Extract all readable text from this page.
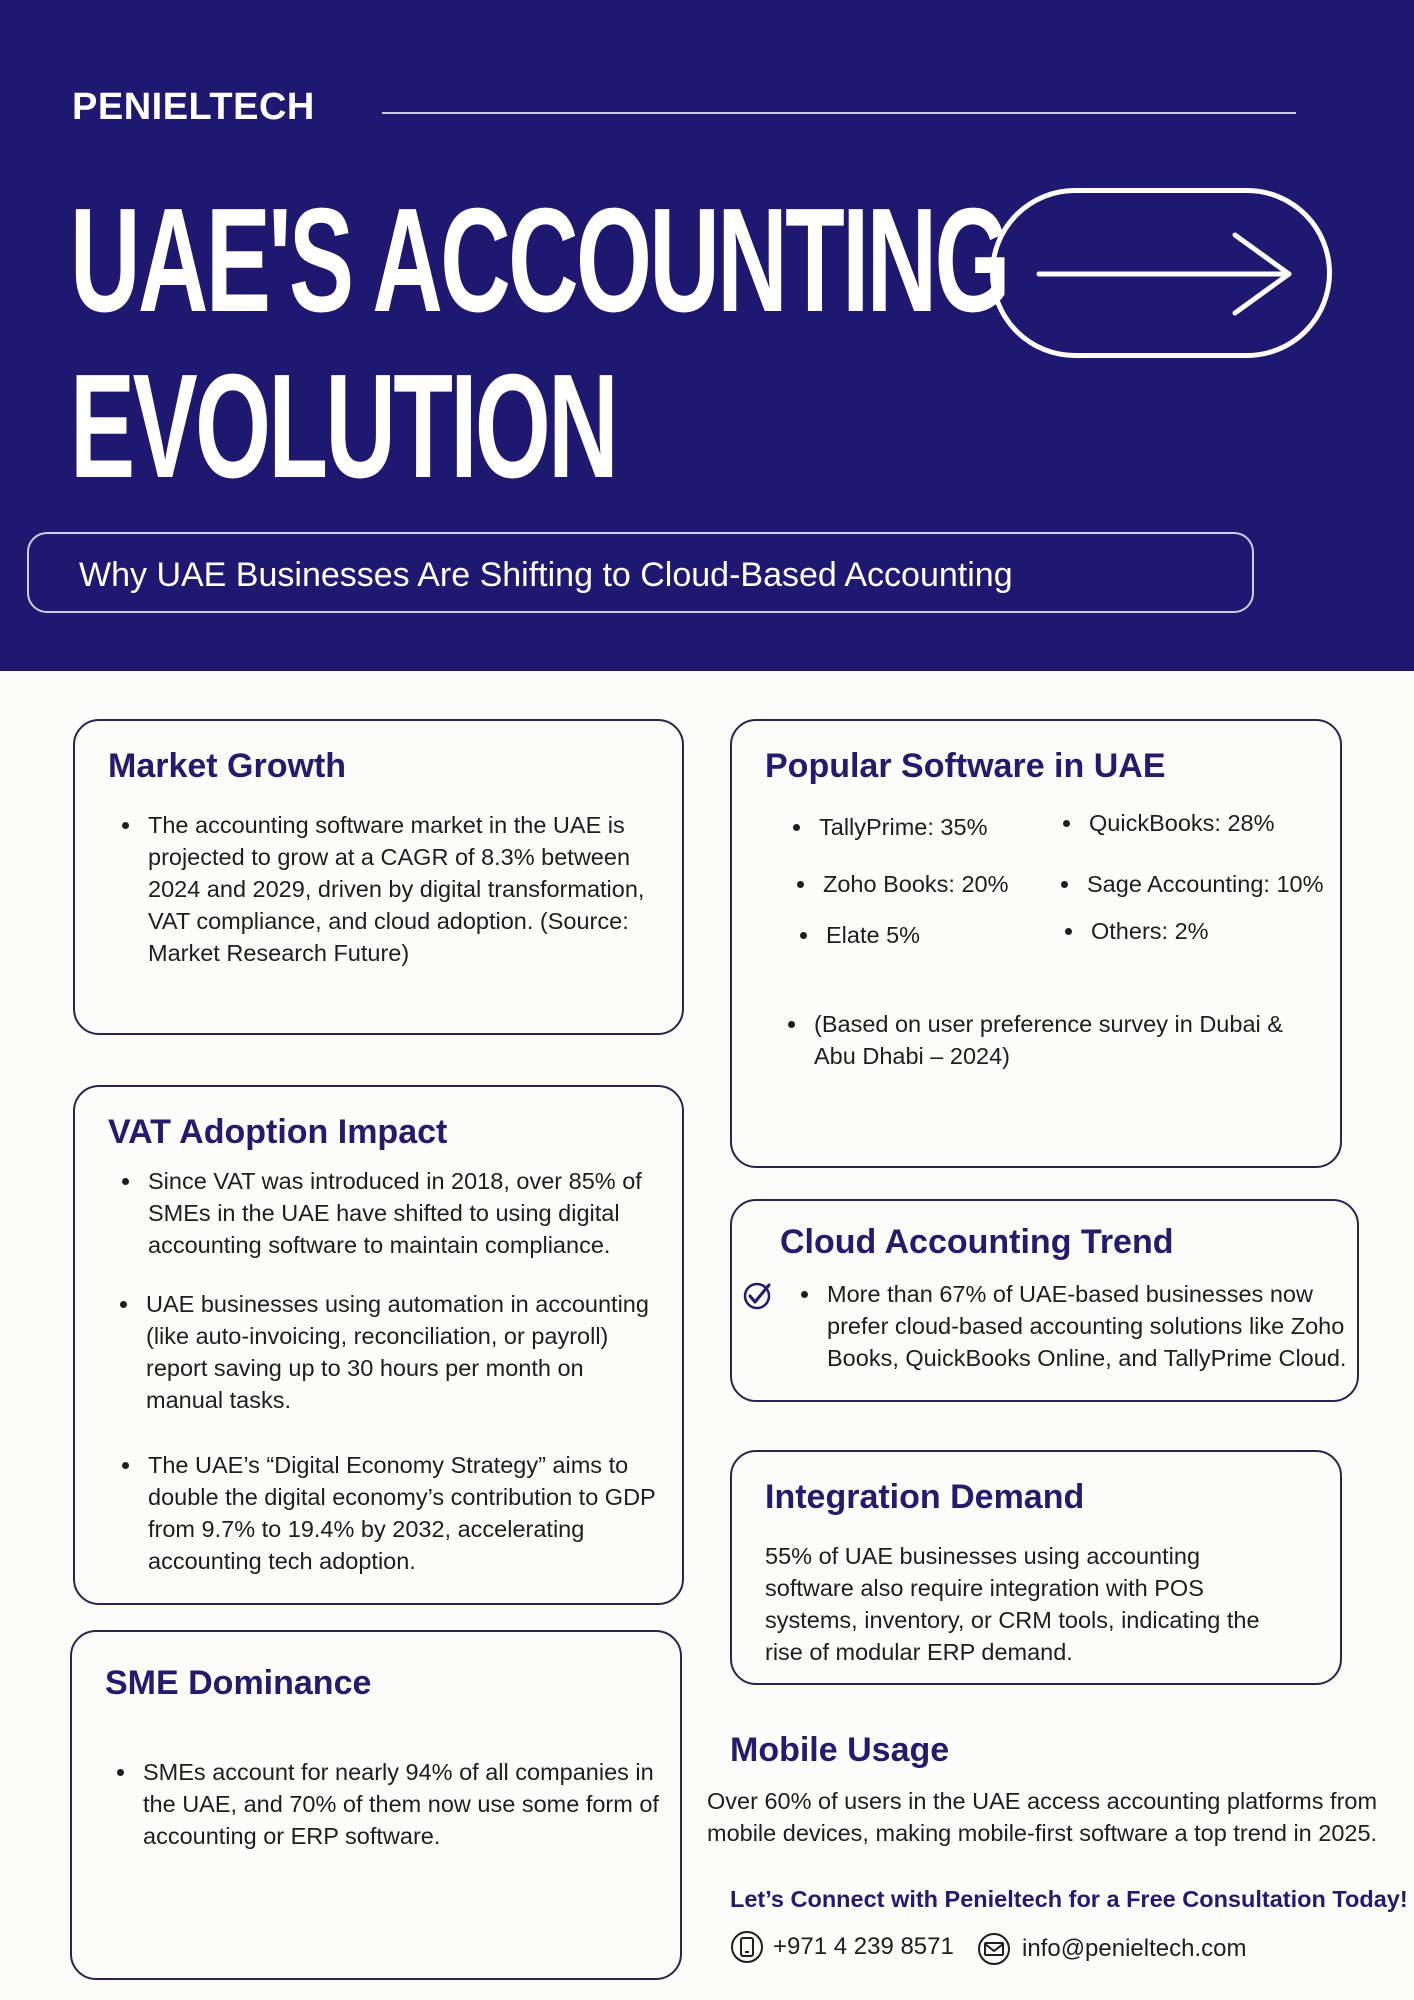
PENIELTECH
UAE'S ACCOUNTING
EVOLUTION
Why UAE Businesses Are Shifting to Cloud-Based Accounting
Market Growth
The accounting software market in the UAE is projected to grow at a CAGR of 8.3% between 2024 and 2029, driven by digital transformation, VAT compliance, and cloud adoption. (Source: Market Research Future)
Popular Software in UAE
TallyPrime: 35%	QuickBooks: 28%
Zoho Books: 20%	Sage Accounting: 10%
Elate 5%	Others: 2%
(Based on user preference survey in Dubai & Abu Dhabi – 2024)
VAT Adoption Impact
Since VAT was introduced in 2018, over 85% of SMEs in the UAE have shifted to using digital accounting software to maintain compliance.
UAE businesses using automation in accounting (like auto-invoicing, reconciliation, or payroll) report saving up to 30 hours per month on manual tasks.
The UAE’s “Digital Economy Strategy” aims to double the digital economy’s contribution to GDP from 9.7% to 19.4% by 2032, accelerating accounting tech adoption.
Cloud Accounting Trend
More than 67% of UAE-based businesses now prefer cloud-based accounting solutions like Zoho Books, QuickBooks Online, and TallyPrime Cloud.
Integration Demand
55% of UAE businesses using accounting software also require integration with POS systems, inventory, or CRM tools, indicating the rise of modular ERP demand.
SME Dominance
SMEs account for nearly 94% of all companies in the UAE, and 70% of them now use some form of accounting or ERP software.
Mobile Usage
Over 60% of users in the UAE access accounting platforms from mobile devices, making mobile-first software a top trend in 2025.
Let’s Connect with Penieltech for a Free Consultation Today!
+971 4 239 8571	info@penieltech.com
